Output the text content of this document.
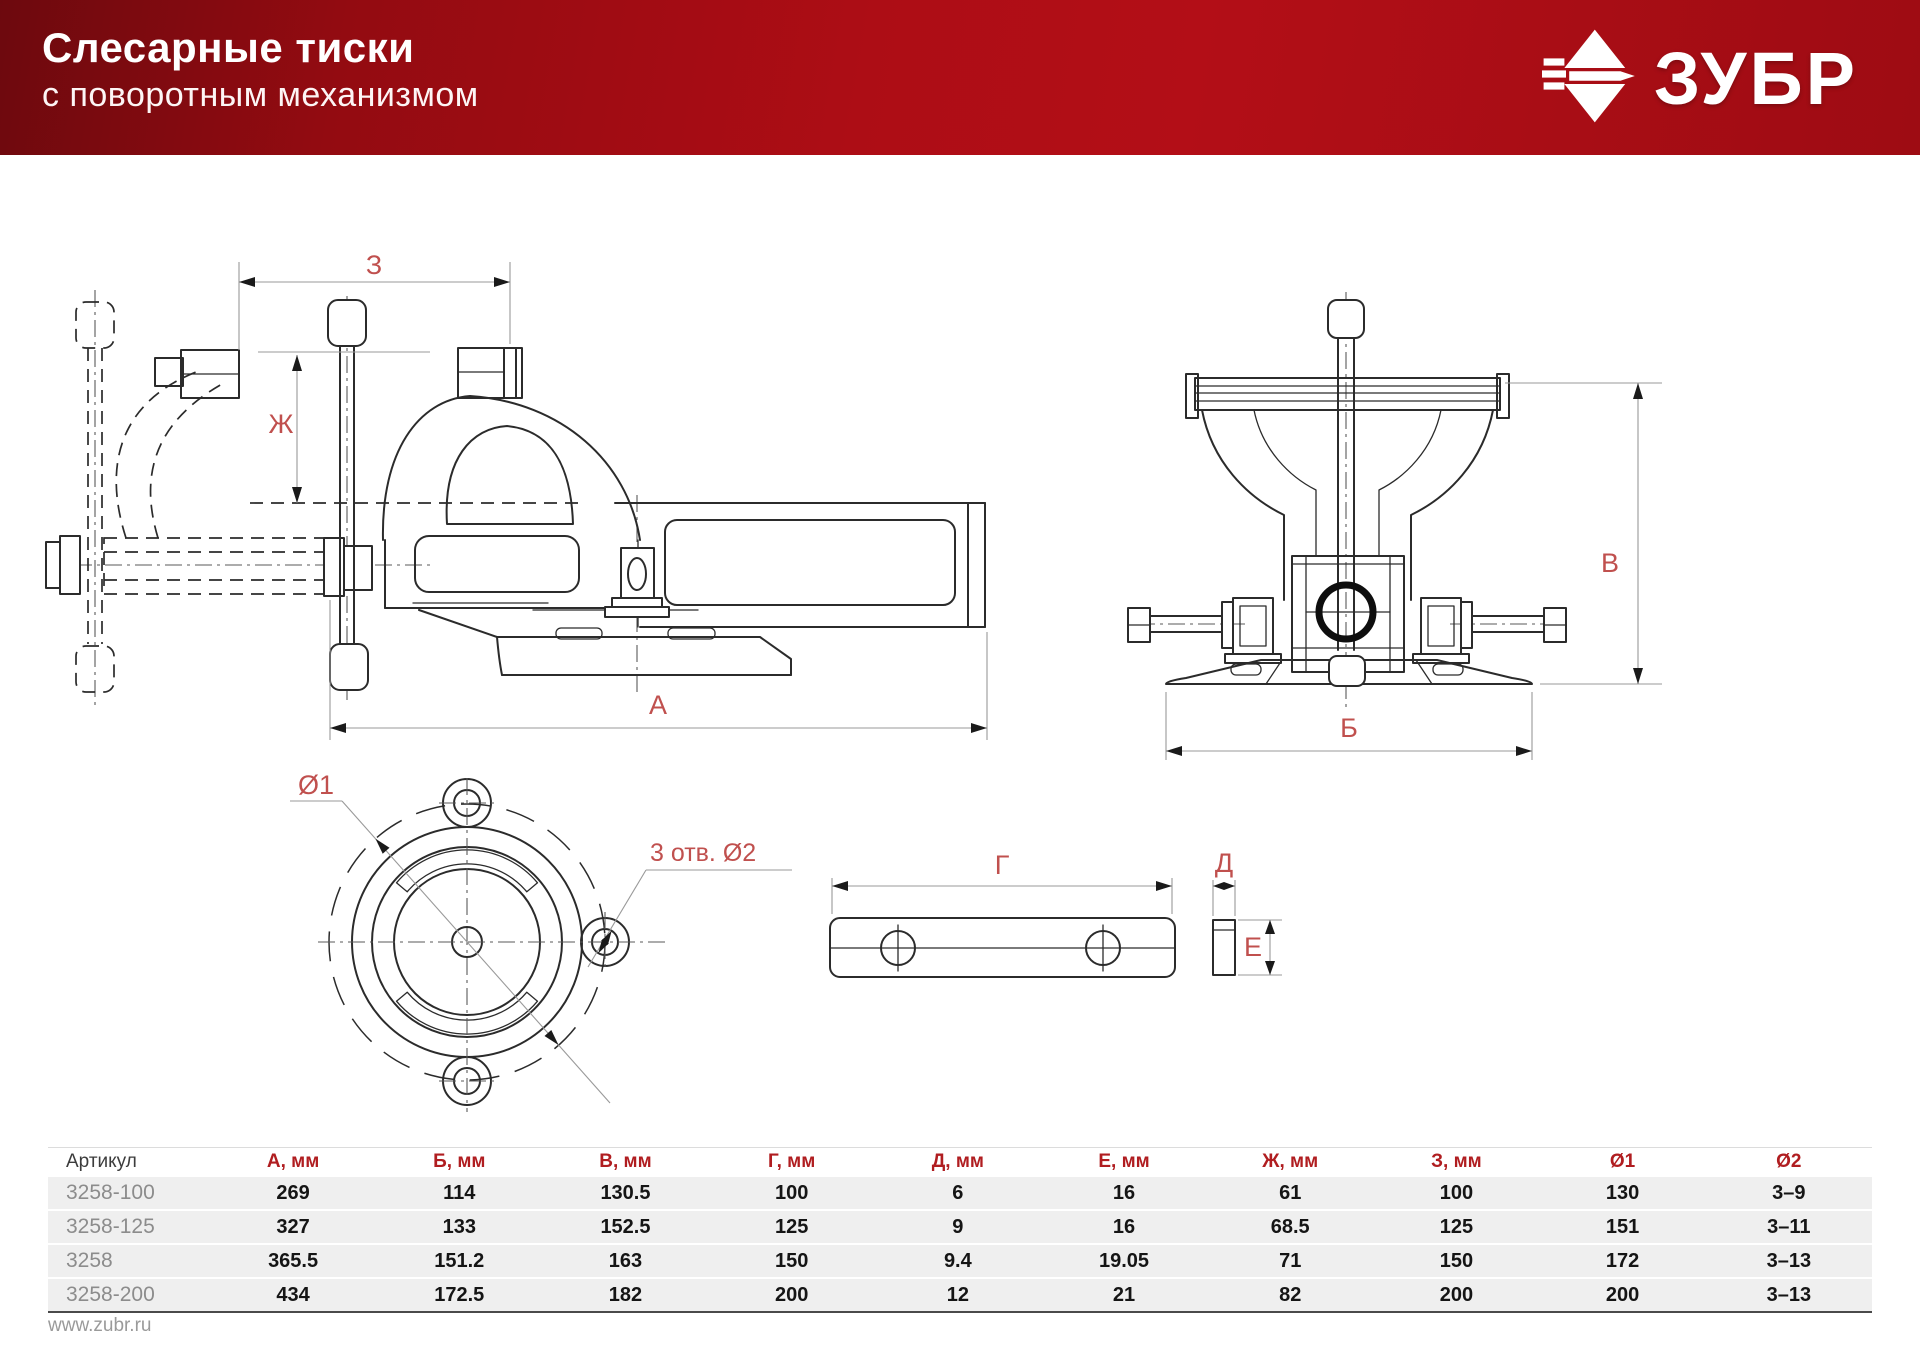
Слесарные тиски
с поворотным механизмом	ЗУБР
З
Ж
А
В
Б
Ø1
3 отв. Ø2	Г	Д
Е
Артикул	А, мм	Б, мм	В, мм	Г, мм	Д, мм	Е, мм	Ж, мм	З, мм	Ø1	Ø2
3258-100	269	114	130.5	100	6	16	61	100	130	3–9
3258-125	327	133	152.5	125	9	16	68.5	125	151	3–11
3258	365.5	151.2	163	150	9.4	19.05	71	150	172	3–13
3258-200	434	172.5	182	200	12	21	82	200	200	3–13
www.zubr.ru
